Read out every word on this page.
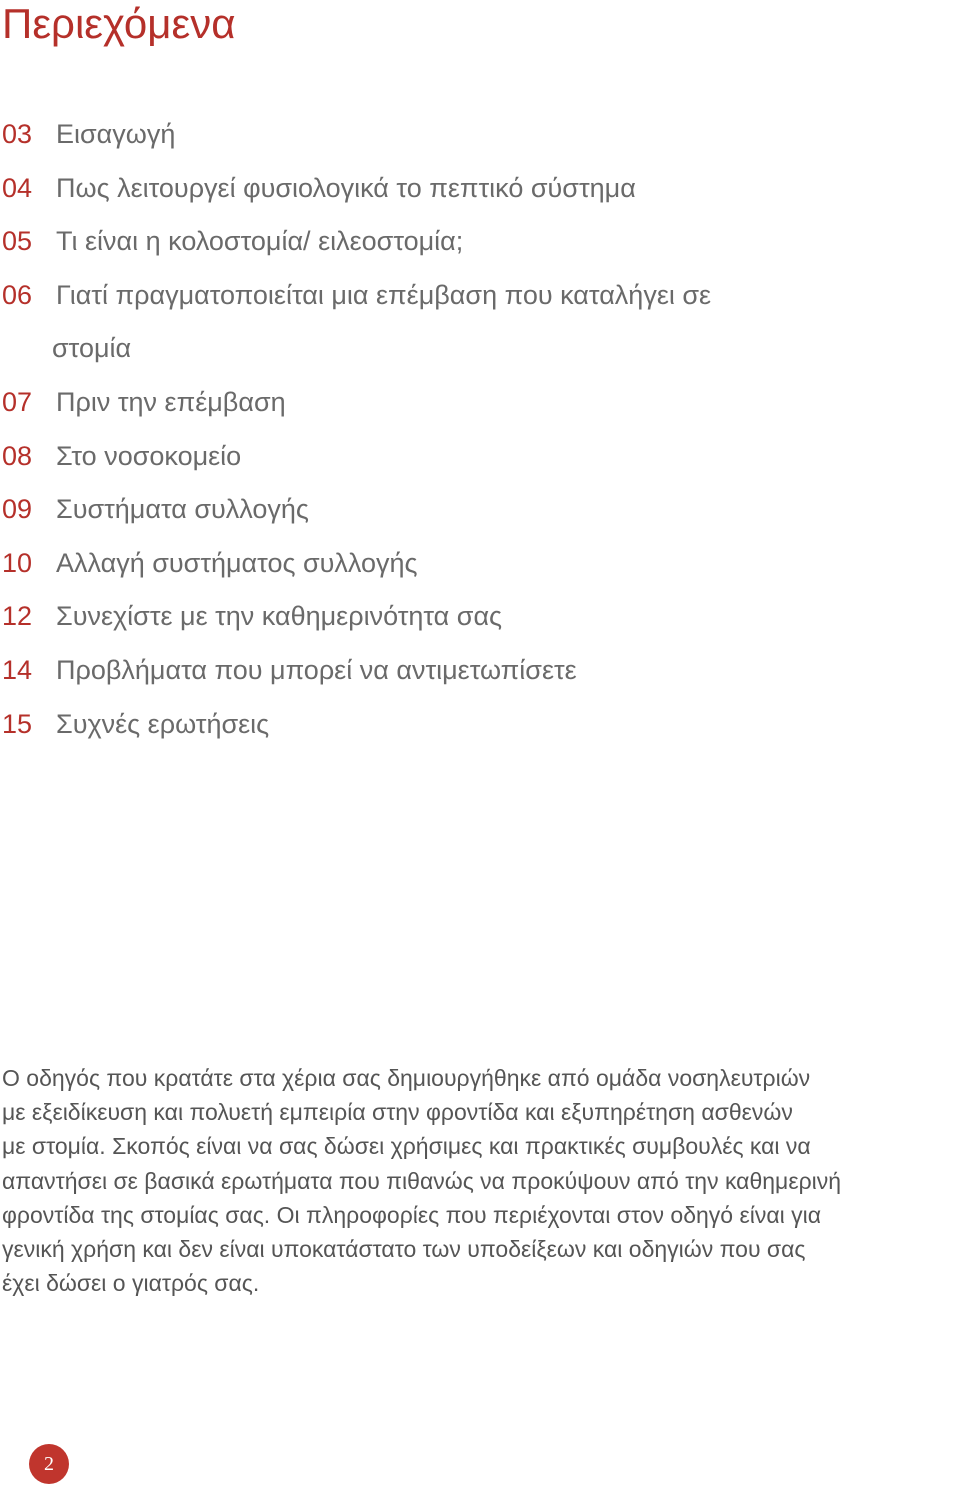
Περιεχόμενα
03 Εισαγωγή
04 Πως λειτουργεί φυσιολογικά το πεπτικό σύστημα
05 Τι είναι η κολοστομία/ ειλεοστομία;
06 Γιατί πραγματοποιείται μια επέμβαση που καταλήγει σε
στομία
07 Πριν την επέμβαση
08 Στο νοσοκομείο
09 Συστήματα συλλογής
10 Αλλαγή συστήματος συλλογής
12 Συνεχίστε με την καθημερινότητα σας
14 Προβλήματα που μπορεί να αντιμετωπίσετε
15 Συχνές ερωτήσεις

Ο οδηγός που κρατάτε στα χέρια σας δημιουργήθηκε από ομάδα νοσηλευτριών
με εξειδίκευση και πολυετή εμπειρία στην φροντίδα και εξυπηρέτηση ασθενών
με στομία. Σκοπός είναι να σας δώσει χρήσιμες και πρακτικές συμβουλές και να
απαντήσει σε βασικά ερωτήματα που πιθανώς να προκύψουν από την καθημερινή
φροντίδα της στομίας σας. Οι πληροφορίες που περιέχονται στον οδηγό είναι για
γενική χρήση και δεν είναι υποκατάστατο των υποδείξεων και οδηγιών που σας
έχει δώσει ο γιατρός σας.

2
